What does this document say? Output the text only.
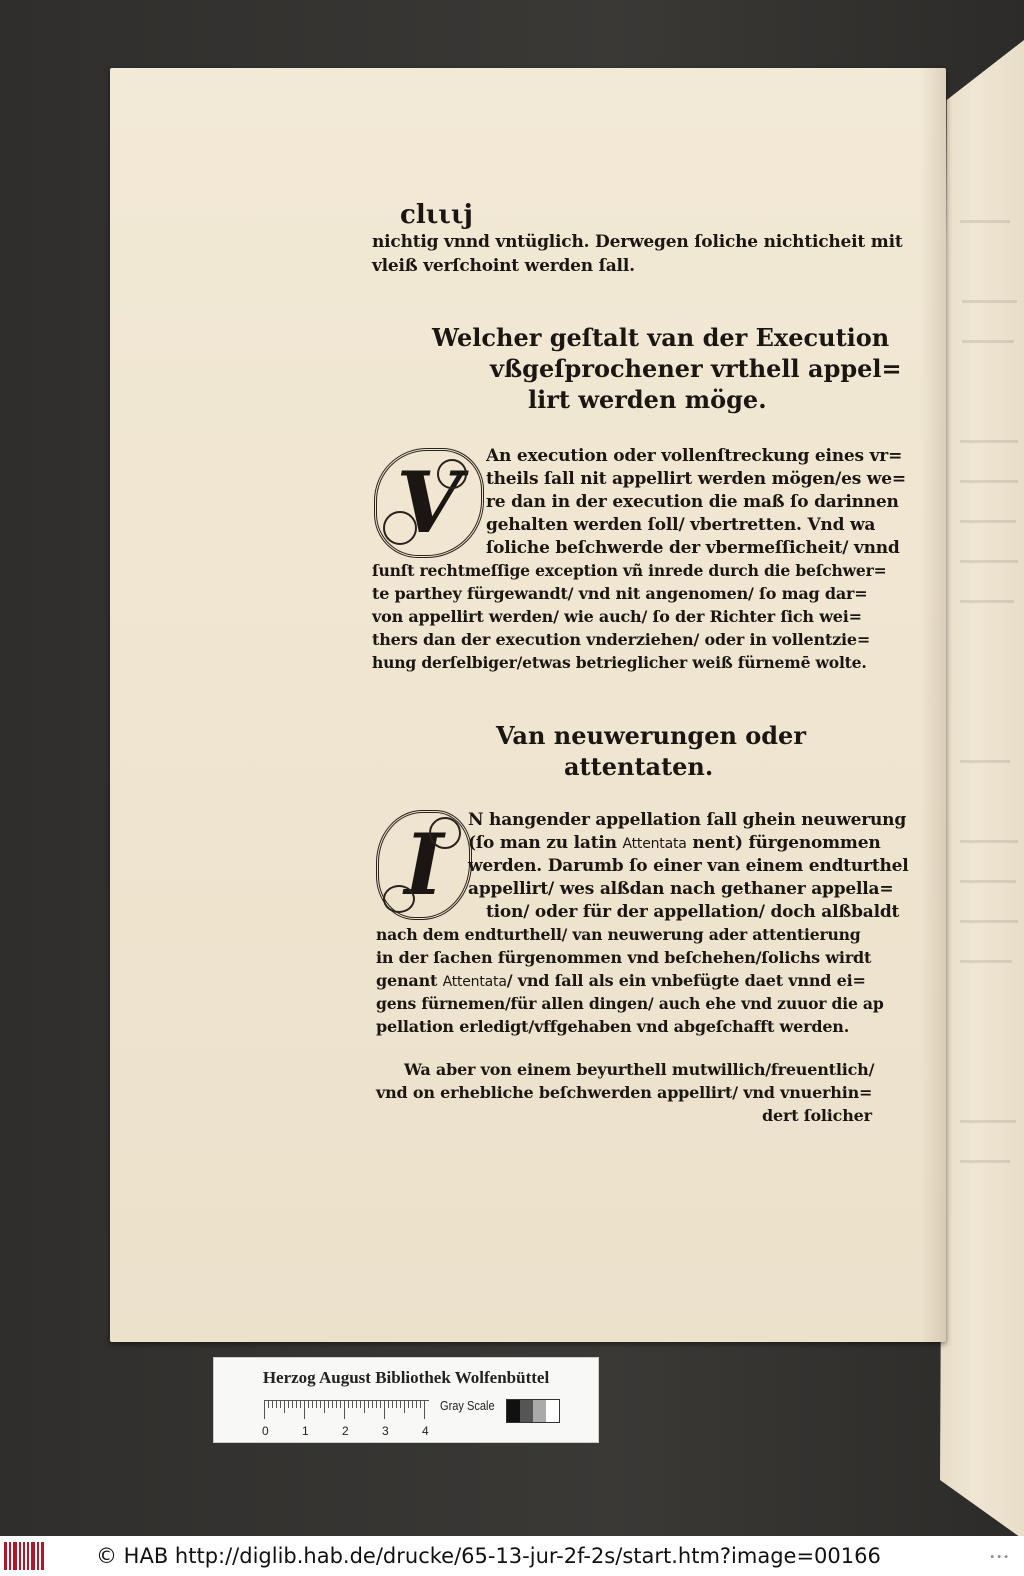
clιιιj
nichtig vnnd vntüglich. Derwegen ſoliche nichticheit mit
vleiß verſchoint werden ſall.
Welcher geſtalt van der Execution
vßgeſprochener vrthell appel=
lirt werden möge.
V An execution oder vollenſtreckung eines vr=
theils ſall nit appellirt werden mögen/es we=
re dan in der execution die maß ſo darinnen
gehalten werden ſoll/ vbertretten. Vnd wa
ſoliche beſchwerde der vbermeſſicheit/ vnnd
ſunſt rechtmeſſige exception vñ inrede durch die beſchwer=
te parthey fürgewandt/ vnd nit angenomen/ ſo mag dar=
von appellirt werden/ wie auch/ ſo der Richter ſich wei=
thers dan der execution vnderziehen/ oder in vollentzie=
hung derſelbiger/etwas betrieglicher weiß fürnemē wolte.
Van neuwerungen oder
attentaten.
I N hangender appellation ſall ghein neuwerung
(ſo man zu latin Attentata nent) fürgenommen
werden. Darumb ſo einer van einem endturthel
appellirt/ wes alßdan nach gethaner appella=
tion/ oder für der appellation/ doch alßbaldt
nach dem endturthell/ van neuwerung ader attentierung
in der ſachen fürgenommen vnd beſchehen/ſolichs wirdt
genant Attentata/ vnd ſall als ein vnbefügte daet vnnd ei=
gens fürnemen/für allen dingen/ auch ehe vnd zuuor die ap
pellation erledigt/vffgehaben vnd abgeſchafft werden.
Wa aber von einem beyurthell mutwillich/freuentlich/
vnd on erhebliche beſchwerden appellirt/ vnd vnuerhin=
dert ſolicher
Herzog August Bibliothek Wolfenbüttel
0	1	2	3	4
Gray Scale
© HAB http://diglib.hab.de/drucke/65-13-jur-2f-2s/start.htm?image=00166	•••
